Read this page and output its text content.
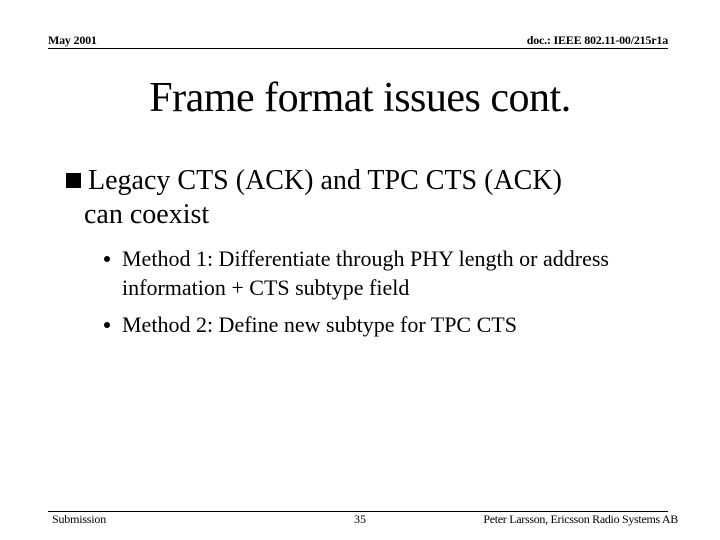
May 2001	doc.: IEEE 802.11-00/215r1a
Frame format issues cont.
Legacy CTS (ACK) and TPC CTS (ACK)
can coexist
Method 1: Differentiate through PHY length or address
information + CTS subtype field
Method 2: Define new subtype for TPC CTS
Submission	35	Peter Larsson, Ericsson Radio Systems AB
